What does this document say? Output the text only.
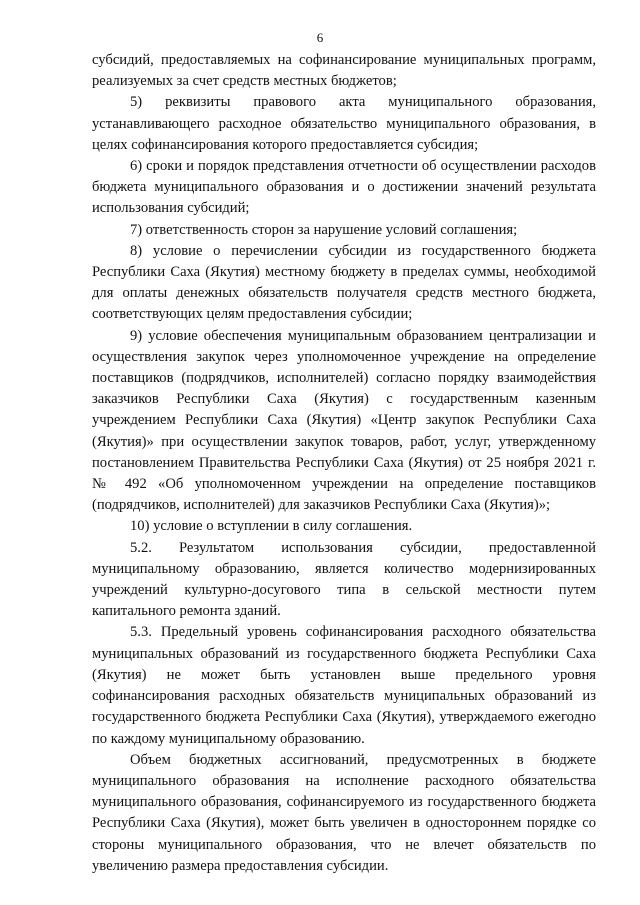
6

субсидий, предоставляемых на софинансирование муниципальных программ, реализуемых за счет средств местных бюджетов;

5) реквизиты правового акта муниципального образования, устанавливающего расходное обязательство муниципального образования, в целях софинансирования которого предоставляется субсидия;

6) сроки и порядок представления отчетности об осуществлении расходов бюджета муниципального образования и о достижении значений результата использования субсидий;

7) ответственность сторон за нарушение условий соглашения;

8) условие о перечислении субсидии из государственного бюджета Республики Саха (Якутия) местному бюджету в пределах суммы, необходимой для оплаты денежных обязательств получателя средств местного бюджета, соответствующих целям предоставления субсидии;

9) условие обеспечения муниципальным образованием централизации и осуществления закупок через уполномоченное учреждение на определение поставщиков (подрядчиков, исполнителей) согласно порядку взаимодействия заказчиков Республики Саха (Якутия) с государственным казенным учреждением Республики Саха (Якутия) «Центр закупок Республики Саха (Якутия)» при осуществлении закупок товаров, работ, услуг, утвержденному постановлением Правительства Республики Саха (Якутия) от 25 ноября 2021 г. № 492 «Об уполномоченном учреждении на определение поставщиков (подрядчиков, исполнителей) для заказчиков Республики Саха (Якутия)»;

10) условие о вступлении в силу соглашения.

5.2. Результатом использования субсидии, предоставленной муниципальному образованию, является количество модернизированных учреждений культурно-досугового типа в сельской местности путем капитального ремонта зданий.

5.3. Предельный уровень софинансирования расходного обязательства муниципальных образований из государственного бюджета Республики Саха (Якутия) не может быть установлен выше предельного уровня софинансирования расходных обязательств муниципальных образований из государственного бюджета Республики Саха (Якутия), утверждаемого ежегодно по каждому муниципальному образованию.

Объем бюджетных ассигнований, предусмотренных в бюджете муниципального образования на исполнение расходного обязательства муниципального образования, софинансируемого из государственного бюджета Республики Саха (Якутия), может быть увеличен в одностороннем порядке со стороны муниципального образования, что не влечет обязательств по увеличению размера предоставления субсидии.
